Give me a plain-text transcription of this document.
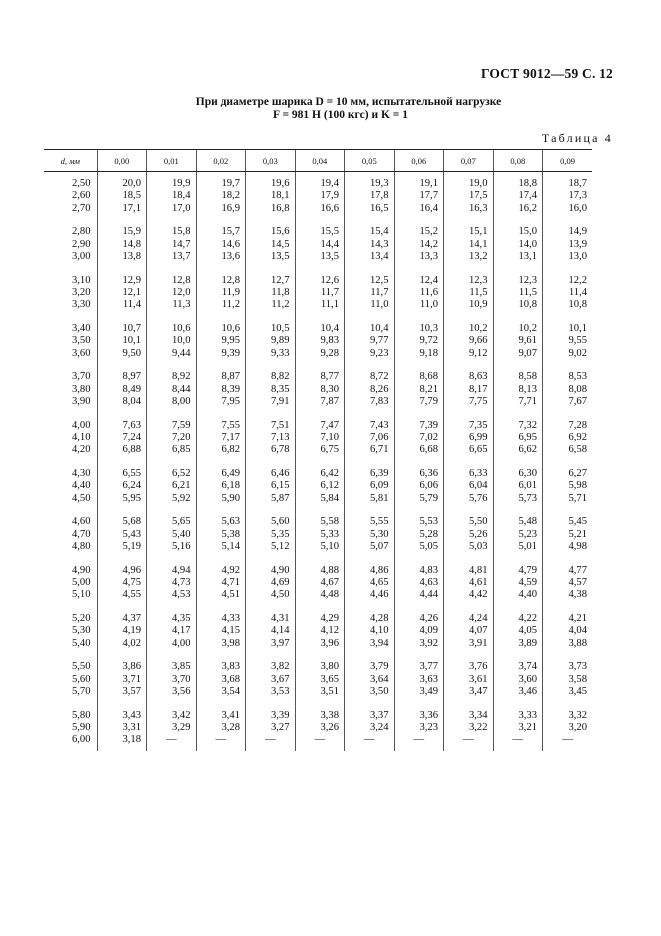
ГОСТ 9012—59 С. 12
При диаметре шарика D = 10 мм, испытательной нагрузке
F = 981 Н (100 кгс) и K = 1
Таблица 4
d, мм	0,00	0,01	0,02	0,03	0,04	0,05	0,06	0,07	0,08	0,09

2,50	20,0	19,9	19,7	19,6	19,4	19,3	19,1	19,0	18,8	18,7
2,60	18,5	18,4	18,2	18,1	17,9	17,8	17,7	17,5	17,4	17,3
2,70	17,1	17,0	16,9	16,8	16,6	16,5	16,4	16,3	16,2	16,0

2,80	15,9	15,8	15,7	15,6	15,5	15,4	15,2	15,1	15,0	14,9
2,90	14,8	14,7	14,6	14,5	14,4	14,3	14,2	14,1	14,0	13,9
3,00	13,8	13,7	13,6	13,5	13,5	13,4	13,3	13,2	13,1	13,0

3,10	12,9	12,8	12,8	12,7	12,6	12,5	12,4	12,3	12,3	12,2
3,20	12,1	12,0	11,9	11,8	11,7	11,7	11,6	11,5	11,5	11,4
3,30	11,4	11,3	11,2	11,2	11,1	11,0	11,0	10,9	10,8	10,8

3,40	10,7	10,6	10,6	10,5	10,4	10,4	10,3	10,2	10,2	10,1
3,50	10,1	10,0	9,95	9,89	9,83	9,77	9,72	9,66	9,61	9,55
3,60	9,50	9,44	9,39	9,33	9,28	9,23	9,18	9,12	9,07	9,02

3,70	8,97	8,92	8,87	8,82	8,77	8,72	8,68	8,63	8,58	8,53
3,80	8,49	8,44	8,39	8,35	8,30	8,26	8,21	8,17	8,13	8,08
3,90	8,04	8,00	7,95	7,91	7,87	7,83	7,79	7,75	7,71	7,67

4,00	7,63	7,59	7,55	7,51	7,47	7,43	7,39	7,35	7,32	7,28
4,10	7,24	7,20	7,17	7,13	7,10	7,06	7,02	6,99	6,95	6,92
4,20	6,88	6,85	6,82	6,78	6,75	6,71	6,68	6,65	6,62	6,58

4,30	6,55	6,52	6,49	6,46	6,42	6,39	6,36	6,33	6,30	6,27
4,40	6,24	6,21	6,18	6,15	6,12	6,09	6,06	6,04	6,01	5,98
4,50	5,95	5,92	5,90	5,87	5,84	5,81	5,79	5,76	5,73	5,71

4,60	5,68	5,65	5,63	5,60	5,58	5,55	5,53	5,50	5,48	5,45
4,70	5,43	5,40	5,38	5,35	5,33	5,30	5,28	5,26	5,23	5,21
4,80	5,19	5,16	5,14	5,12	5,10	5,07	5,05	5,03	5,01	4,98

4,90	4,96	4,94	4,92	4,90	4,88	4,86	4,83	4,81	4,79	4,77
5,00	4,75	4,73	4,71	4,69	4,67	4,65	4,63	4,61	4,59	4,57
5,10	4,55	4,53	4,51	4,50	4,48	4,46	4,44	4,42	4,40	4,38

5,20	4,37	4,35	4,33	4,31	4,29	4,28	4,26	4,24	4,22	4,21
5,30	4,19	4,17	4,15	4,14	4,12	4,10	4,09	4,07	4,05	4,04
5,40	4,02	4,00	3,98	3,97	3,96	3,94	3,92	3,91	3,89	3,88

5,50	3,86	3,85	3,83	3,82	3,80	3,79	3,77	3,76	3,74	3,73
5,60	3,71	3,70	3,68	3,67	3,65	3,64	3,63	3,61	3,60	3,58
5,70	3,57	3,56	3,54	3,53	3,51	3,50	3,49	3,47	3,46	3,45

5,80	3,43	3,42	3,41	3,39	3,38	3,37	3,36	3,34	3,33	3,32
5,90	3,31	3,29	3,28	3,27	3,26	3,24	3,23	3,22	3,21	3,20
6,00	3,18	—	—	—	—	—	—	—	—	—
